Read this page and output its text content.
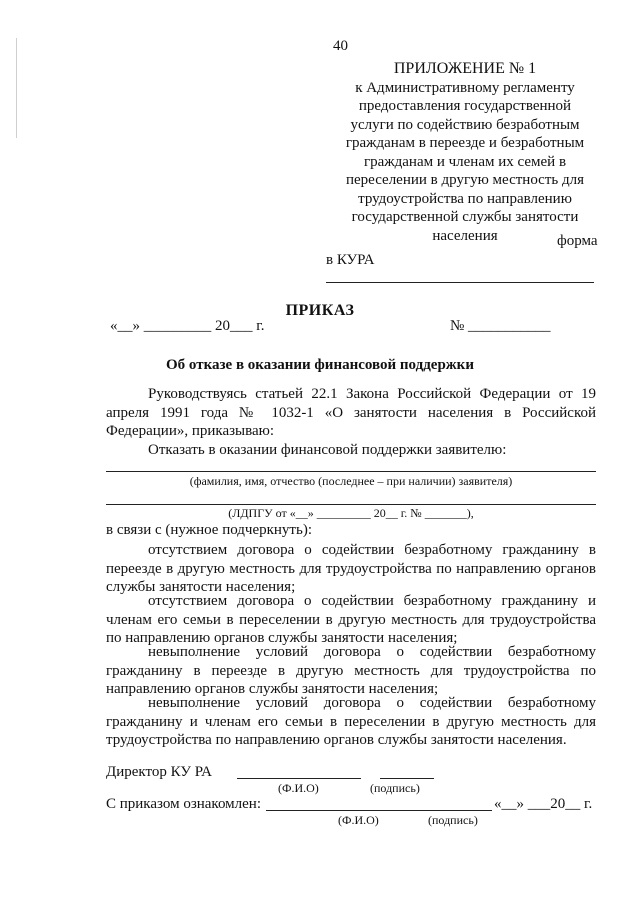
40
ПРИЛОЖЕНИЕ № 1
к Административному регламенту
предоставления государственной
услуги по содействию безработным
гражданам в переезде и безработным
гражданам и членам их семей в
переселении в другую местность для
трудоустройства по направлению
государственной службы занятости
населения	форма
в КУРА
ПРИКАЗ
«__» _________ 20___ г.	№ ___________
Об отказе в оказании финансовой поддержки
Руководствуясь статьей 22.1 Закона Российской Федерации от 19 апреля 1991 года № 1032-1 «О занятости населения в Российской Федерации», приказываю:
Отказать в оказании финансовой поддержки заявителю:
(фамилия, имя, отчество (последнее – при наличии) заявителя)
(ЛДПГУ от «__» _________ 20__ г. № _______),
в связи с (нужное подчеркнуть):
отсутствием договора о содействии безработному гражданину в переезде в другую местность для трудоустройства по направлению органов службы занятости населения;
отсутствием договора о содействии безработному гражданину и членам его семьи в переселении в другую местность для трудоустройства по направлению органов службы занятости населения;
невыполнение условий договора о содействии безработному гражданину в переезде в другую местность для трудоустройства по направлению органов службы занятости населения;
невыполнение условий договора о содействии безработному гражданину и членам его семьи в переселении в другую местность для трудоустройства по направлению органов службы занятости населения.
Директор КУ РА
(Ф.И.О)	(подпись)
С приказом ознакомлен:	«__» ___20__ г.
(Ф.И.О)	(подпись)
